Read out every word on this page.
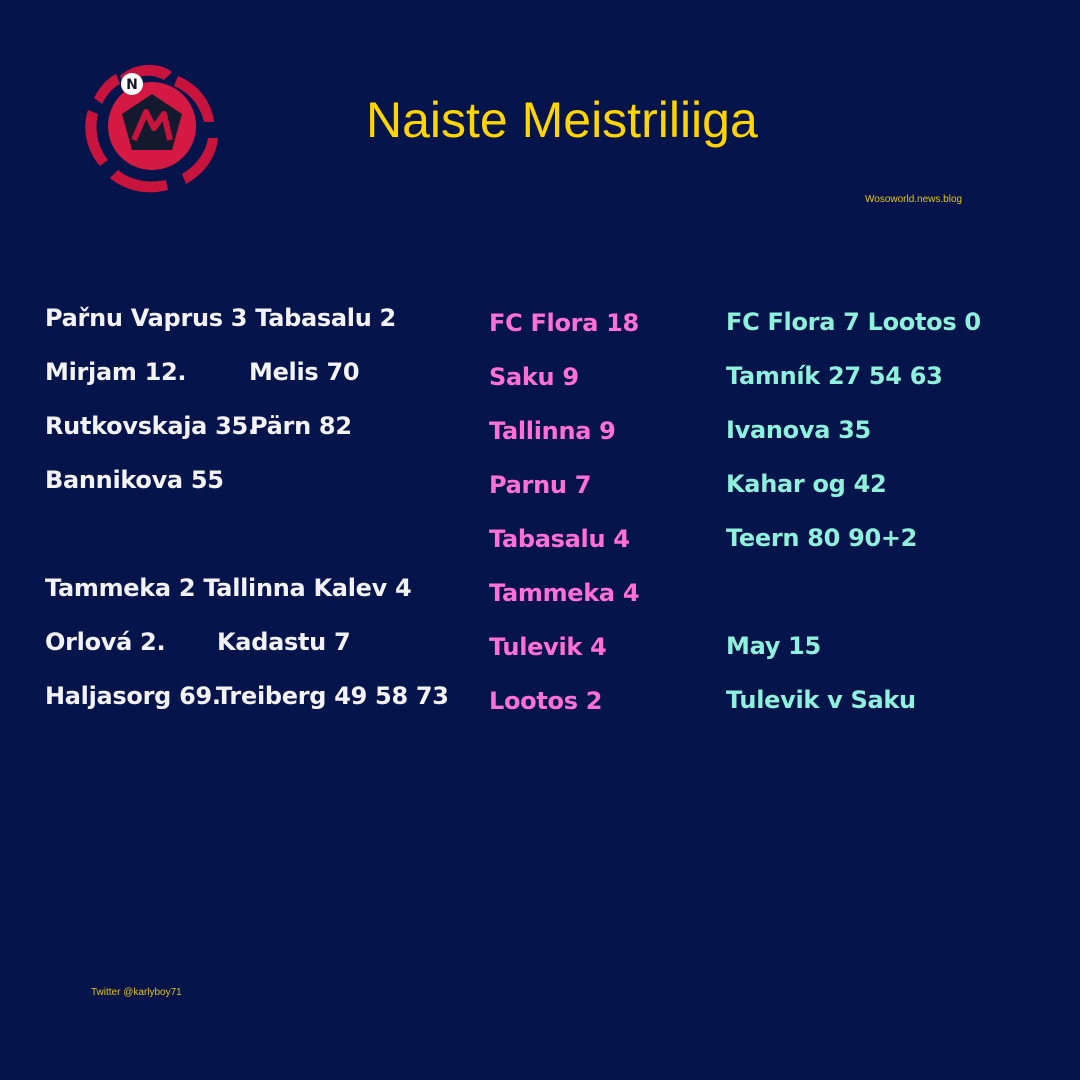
N
Naiste Meistriliiga
Wosoworld.news.blog
Pařnu Vaprus 3 Tabasalu 2
Mirjam 12.	Melis 70
Rutkovskaja 35.
Pärn 82
Bannikova 55
Tammeka 2 Tallinna Kalev 4
Orlová 2. Kadastu 7
Haljasorg 69.
Treiberg 49 58 73
FC Flora 18
Saku 9
Tallinna 9
Parnu 7
Tabasalu 4
Tammeka 4
Tulevik 4
Lootos 2
FC Flora 7 Lootos 0
Tamník 27 54 63
Ivanova 35
Kahar og 42
Teern 80 90+2
May 15
Tulevik v Saku
Twitter @karlyboy71
